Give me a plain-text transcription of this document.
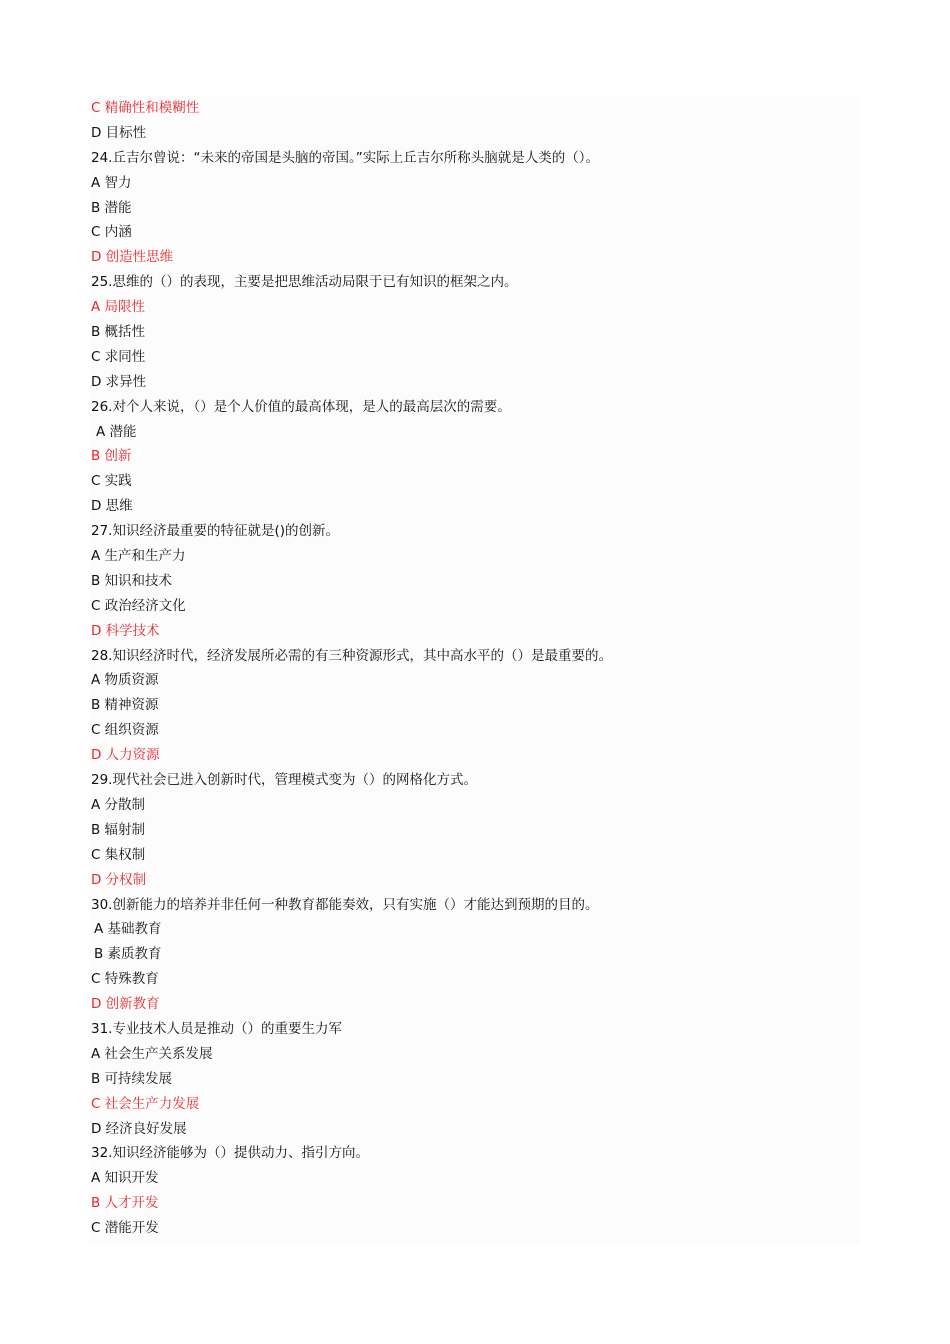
C 精确性和模糊性
D 目标性
24.丘吉尔曾说：“未来的帝国是头脑的帝国。”实际上丘吉尔所称头脑就是人类的（）。
A 智力
B 潜能
C 内涵
D 创造性思维
25.思维的（）的表现，主要是把思维活动局限于已有知识的框架之内。
A 局限性
B 概括性
C 求同性
D 求异性
26.对个人来说，（）是个人价值的最高体现，是人的最高层次的需要。
A 潜能
B 创新
C 实践
D 思维
27.知识经济最重要的特征就是()的创新。
A 生产和生产力
B 知识和技术
C 政治经济文化
D 科学技术
28.知识经济时代，经济发展所必需的有三种资源形式，其中高水平的（）是最重要的。
A 物质资源
B 精神资源
C 组织资源
D 人力资源
29.现代社会已进入创新时代，管理模式变为（）的网格化方式。
A 分散制
B 辐射制
C 集权制
D 分权制
30.创新能力的培养并非任何一种教育都能奏效，只有实施（）才能达到预期的目的。
A 基础教育
B 素质教育
C 特殊教育
D 创新教育
31.专业技术人员是推动（）的重要生力军
A 社会生产关系发展
B 可持续发展
C 社会生产力发展
D 经济良好发展
32.知识经济能够为（）提供动力、指引方向。
A 知识开发
B 人才开发
C 潜能开发
